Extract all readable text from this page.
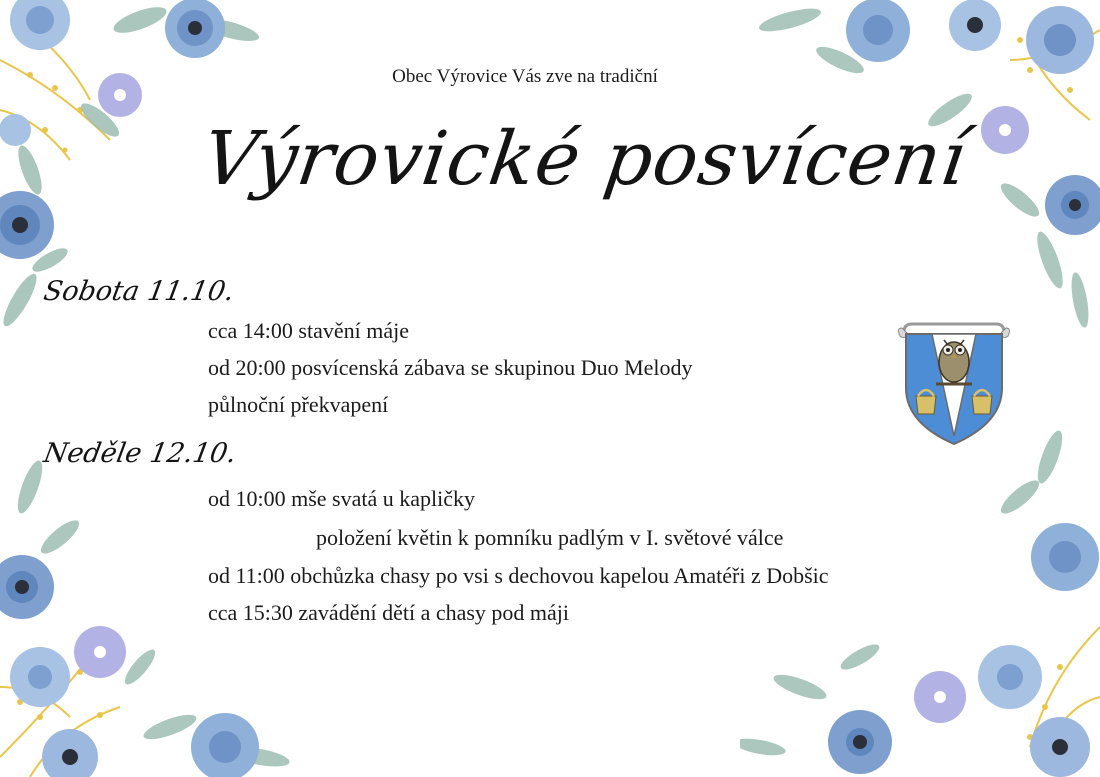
Obec Výrovice Vás zve na tradiční
Výrovické posvícení
Sobota 11.10.
cca 14:00 stavění máje
od 20:00 posvícenská zábava se skupinou Duo Melody
půlnoční překvapení
Neděle 12.10.
od 10:00 mše svatá u kapličky
položení květin k pomníku padlým v I. světové válce
od 11:00 obchůzka chasy po vsi s dechovou kapelou Amatéři z Dobšic
cca 15:30 zavádění dětí a chasy pod máji
